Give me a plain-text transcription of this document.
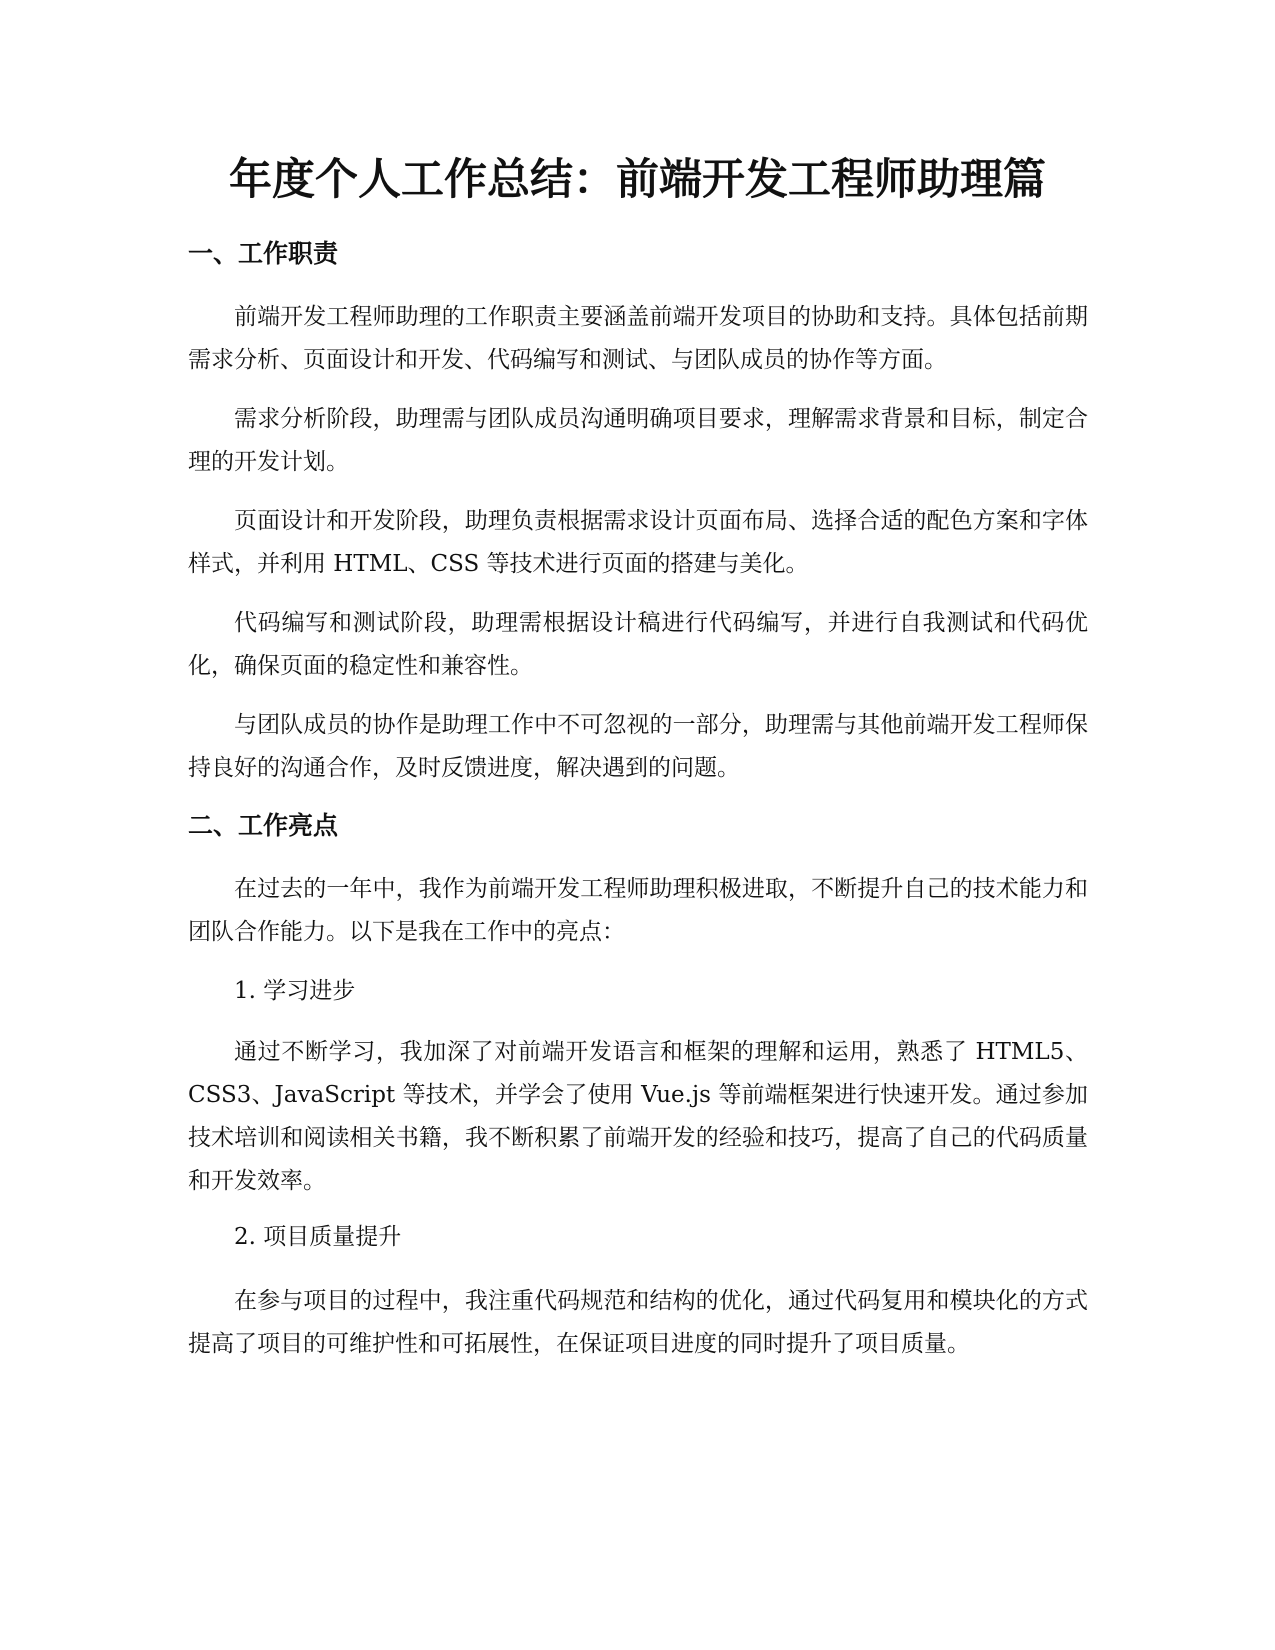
年度个人工作总结：前端开发工程师助理篇
一、工作职责

前端开发工程师助理的工作职责主要涵盖前端开发项目的协助和支持。具体包括前期需求分析、页面设计和开发、代码编写和测试、与团队成员的协作等方面。

需求分析阶段，助理需与团队成员沟通明确项目要求，理解需求背景和目标，制定合理的开发计划。

页面设计和开发阶段，助理负责根据需求设计页面布局、选择合适的配色方案和字体样式，并利用 HTML、CSS 等技术进行页面的搭建与美化。

代码编写和测试阶段，助理需根据设计稿进行代码编写，并进行自我测试和代码优化，确保页面的稳定性和兼容性。

与团队成员的协作是助理工作中不可忽视的一部分，助理需与其他前端开发工程师保持良好的沟通合作，及时反馈进度，解决遇到的问题。

二、工作亮点

在过去的一年中，我作为前端开发工程师助理积极进取，不断提升自己的技术能力和团队合作能力。以下是我在工作中的亮点：

1. 学习进步

通过不断学习，我加深了对前端开发语言和框架的理解和运用，熟悉了 HTML5、CSS3、JavaScript 等技术，并学会了使用 Vue.js 等前端框架进行快速开发。通过参加技术培训和阅读相关书籍，我不断积累了前端开发的经验和技巧，提高了自己的代码质量和开发效率。

2. 项目质量提升

在参与项目的过程中，我注重代码规范和结构的优化，通过代码复用和模块化的方式提高了项目的可维护性和可拓展性，在保证项目进度的同时提升了项目质量。
